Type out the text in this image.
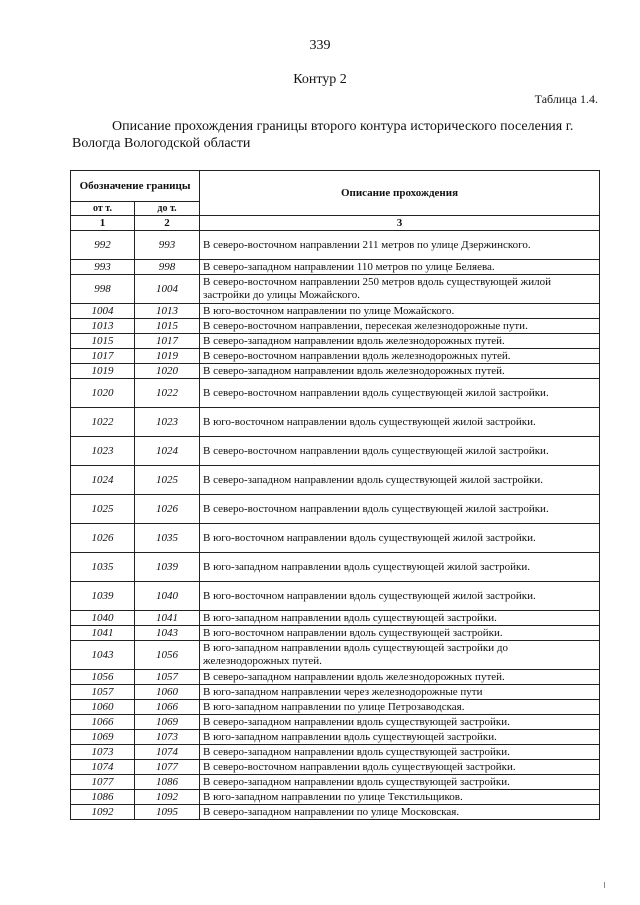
339
Контур 2
Таблица 1.4.
Описание прохождения границы второго контура исторического поселения г. Вологда Вологодской области
Обозначение границы		Описание прохождения
от т.	до т.	
1	2	3
992	993	В северо-восточном направлении 211 метров по улице Дзержинского.
993	998	В северо-западном направлении 110 метров по улице Беляева.
998	1004	В северо-восточном направлении 250 метров вдоль существующей жилой застройки до улицы Можайского.
1004	1013	В юго-восточном направлении по улице Можайского.
1013	1015	В северо-восточном направлении, пересекая железнодорожные пути.
1015	1017	В северо-западном направлении вдоль железнодорожных путей.
1017	1019	В северо-восточном направлении вдоль железнодорожных путей.
1019	1020	В северо-западном направлении вдоль железнодорожных путей.
1020	1022	В северо-восточном направлении вдоль существующей жилой застройки.
1022	1023	В юго-восточном направлении вдоль существующей жилой застройки.
1023	1024	В северо-восточном направлении вдоль существующей жилой застройки.
1024	1025	В северо-западном направлении вдоль существующей жилой застройки.
1025	1026	В северо-восточном направлении вдоль существующей жилой застройки.
1026	1035	В юго-восточном направлении вдоль существующей жилой застройки.
1035	1039	В юго-западном направлении вдоль существующей жилой застройки.
1039	1040	В юго-восточном направлении вдоль существующей жилой застройки.
1040	1041	В юго-западном направлении вдоль существующей застройки.
1041	1043	В юго-восточном направлении вдоль существующей застройки.
1043	1056	В юго-западном направлении вдоль существующей застройки до железнодорожных путей.
1056	1057	В северо-западном направлении вдоль железнодорожных путей.
1057	1060	В юго-западном направлении через железнодорожные пути
1060	1066	В юго-западном направлении по улице Петрозаводская.
1066	1069	В северо-западном направлении вдоль существующей застройки.
1069	1073	В юго-западном направлении вдоль существующей застройки.
1073	1074	В северо-западном направлении вдоль существующей застройки.
1074	1077	В северо-восточном направлении вдоль существующей застройки.
1077	1086	В северо-западном направлении вдоль существующей застройки.
1086	1092	В юго-западном направлении по улице Текстильщиков.
1092	1095	В северо-западном направлении по улице Московская.
